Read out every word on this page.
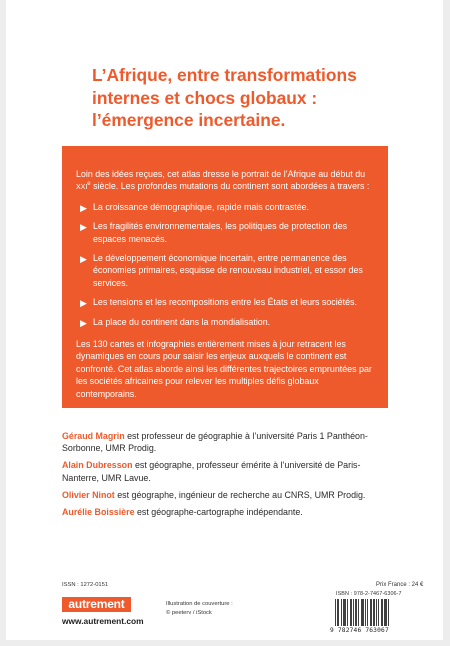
L’Afrique, entre transformations
internes et chocs globaux :
l’émergence incertaine.

Loin des idées reçues, cet atlas dresse le portrait de l’Afrique au début du XXIe siècle. Les profondes mutations du continent sont abordées à travers :

▶ La croissance démographique, rapide mais contrastée.
▶ Les fragilités environnementales, les politiques de protection des espaces menacés.
▶ Le développement économique incertain, entre permanence des économies primaires, esquisse de renouveau industriel, et essor des services.
▶ Les tensions et les recompositions entre les États et leurs sociétés.
▶ La place du continent dans la mondialisation.

Les 130 cartes et infographies entièrement mises à jour retracent les dynamiques en cours pour saisir les enjeux auxquels le continent est confronté. Cet atlas aborde ainsi les différentes trajectoires empruntées par les sociétés africaines pour relever les multiples défis globaux contemporains.

Géraud Magrin est professeur de géographie à l’université Paris 1 Panthéon-Sorbonne, UMR Prodig.
Alain Dubresson est géographe, professeur émérite à l’université de Paris-Nanterre, UMR Lavue.
Olivier Ninot est géographe, ingénieur de recherche au CNRS, UMR Prodig.
Aurélie Boissière est géographe-cartographe indépendante.
ISSN : 1272-0151
autrement
www.autrement.com
Illustration de couverture :
© peeterv / iStock
Prix France : 24 €
ISBN : 978-2-7467-6306-7
9 782746 763067
